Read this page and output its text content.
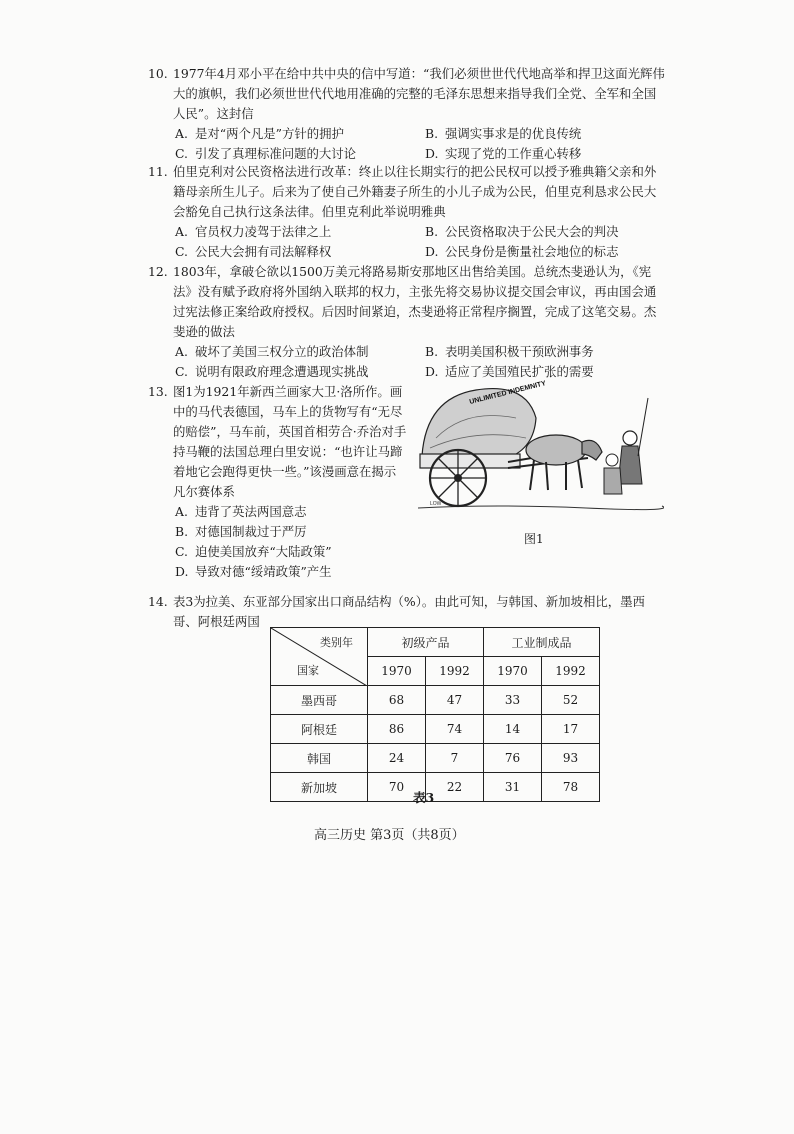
10. 1977年4月邓小平在给中共中央的信中写道：“我们必须世世代代地高举和捍卫这面光辉伟大的旗帜，我们必须世世代代地用准确的完整的毛泽东思想来指导我们全党、全军和全国人民”。这封信
A. 是对“两个凡是”方针的拥护	B. 强调实事求是的优良传统
C. 引发了真理标准问题的大讨论	D. 实现了党的工作重心转移
11. 伯里克利对公民资格法进行改革：终止以往长期实行的把公民权可以授予雅典籍父亲和外籍母亲所生儿子。后来为了使自己外籍妻子所生的小儿子成为公民，伯里克利恳求公民大会豁免自己执行这条法律。伯里克利此举说明雅典
A. 官员权力凌驾于法律之上	B. 公民资格取决于公民大会的判决
C. 公民大会拥有司法解释权	D. 公民身份是衡量社会地位的标志
12. 1803年，拿破仑欲以1500万美元将路易斯安那地区出售给美国。总统杰斐逊认为，《宪法》没有赋予政府将外国纳入联邦的权力，主张先将交易协议提交国会审议，再由国会通过宪法修正案给政府授权。后因时间紧迫，杰斐逊将正常程序搁置，完成了这笔交易。杰斐逊的做法
A. 破坏了美国三权分立的政治体制	B. 表明美国积极干预欧洲事务
C. 说明有限政府理念遭遇现实挑战	D. 适应了美国殖民扩张的需要
13. 图1为1921年新西兰画家大卫·洛所作。画中的马代表德国，马车上的货物写有“无尽的赔偿”，马车前，英国首相劳合·乔治对手持马鞭的法国总理白里安说：“也许让马蹄着地它会跑得更快一些。”该漫画意在揭示凡尔赛体系
A. 违背了英法两国意志
B. 对德国制裁过于严厉
C. 迫使美国放弃“大陆政策”
D. 导致对德“绥靖政策”产生
UNLIMITED INDEMNITY
LOW
图1
14. 表3为拉美、东亚部分国家出口商品结构（%）。由此可知，与韩国、新加坡相比，墨西哥、阿根廷两国
类别年
国家	初级产品		工业制成品	
	1970	1992	1970	1992
墨西哥	68	47	33	52
阿根廷	86	74	14	17
韩国	24	7	76	93
新加坡	70	22	31	78
表3
高三历史 第3页（共8页）
